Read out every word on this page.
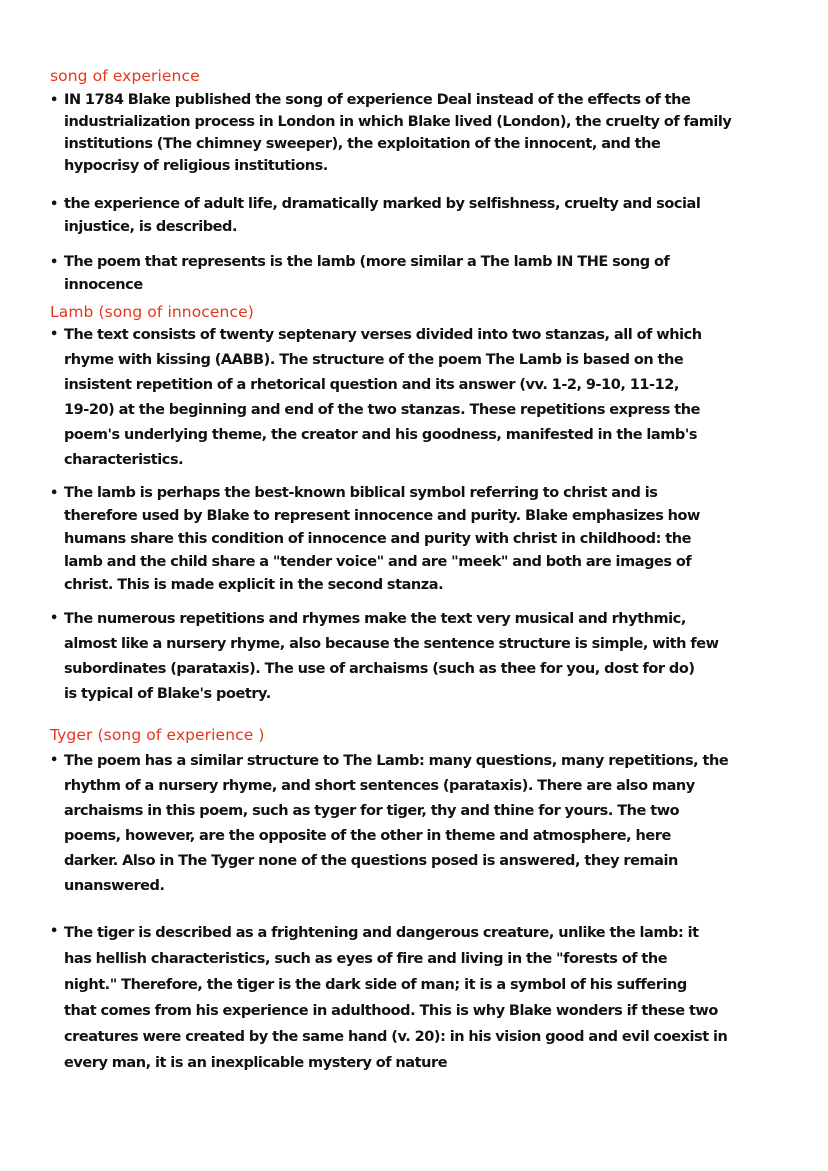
song of experience
• IN 1784 Blake published the song of experience Deal instead of the effects of the
industrialization process in London in which Blake lived (London), the cruelty of family
institutions (The chimney sweeper), the exploitation of the innocent, and the
hypocrisy of religious institutions.
• the experience of adult life, dramatically marked by selfishness, cruelty and social
injustice, is described.
• The poem that represents is the lamb (more similar a The lamb IN THE song of
innocence
Lamb (song of innocence)
• The text consists of twenty septenary verses divided into two stanzas, all of which
rhyme with kissing (AABB). The structure of the poem The Lamb is based on the
insistent repetition of a rhetorical question and its answer (vv. 1-2, 9-10, 11-12,
19-20) at the beginning and end of the two stanzas. These repetitions express the
poem's underlying theme, the creator and his goodness, manifested in the lamb's
characteristics.
• The lamb is perhaps the best-known biblical symbol referring to christ and is
therefore used by Blake to represent innocence and purity. Blake emphasizes how
humans share this condition of innocence and purity with christ in childhood: the
lamb and the child share a "tender voice" and are "meek" and both are images of
christ. This is made explicit in the second stanza.
• The numerous repetitions and rhymes make the text very musical and rhythmic,
almost like a nursery rhyme, also because the sentence structure is simple, with few
subordinates (parataxis). The use of archaisms (such as thee for you, dost for do)
is typical of Blake's poetry.
Tyger (song of experience )
• The poem has a similar structure to The Lamb: many questions, many repetitions, the
rhythm of a nursery rhyme, and short sentences (parataxis). There are also many
archaisms in this poem, such as tyger for tiger, thy and thine for yours. The two
poems, however, are the opposite of the other in theme and atmosphere, here
darker. Also in The Tyger none of the questions posed is answered, they remain
unanswered.
• The tiger is described as a frightening and dangerous creature, unlike the lamb: it
has hellish characteristics, such as eyes of fire and living in the "forests of the
night." Therefore, the tiger is the dark side of man; it is a symbol of his suffering
that comes from his experience in adulthood. This is why Blake wonders if these two
creatures were created by the same hand (v. 20): in his vision good and evil coexist in
every man, it is an inexplicable mystery of nature
